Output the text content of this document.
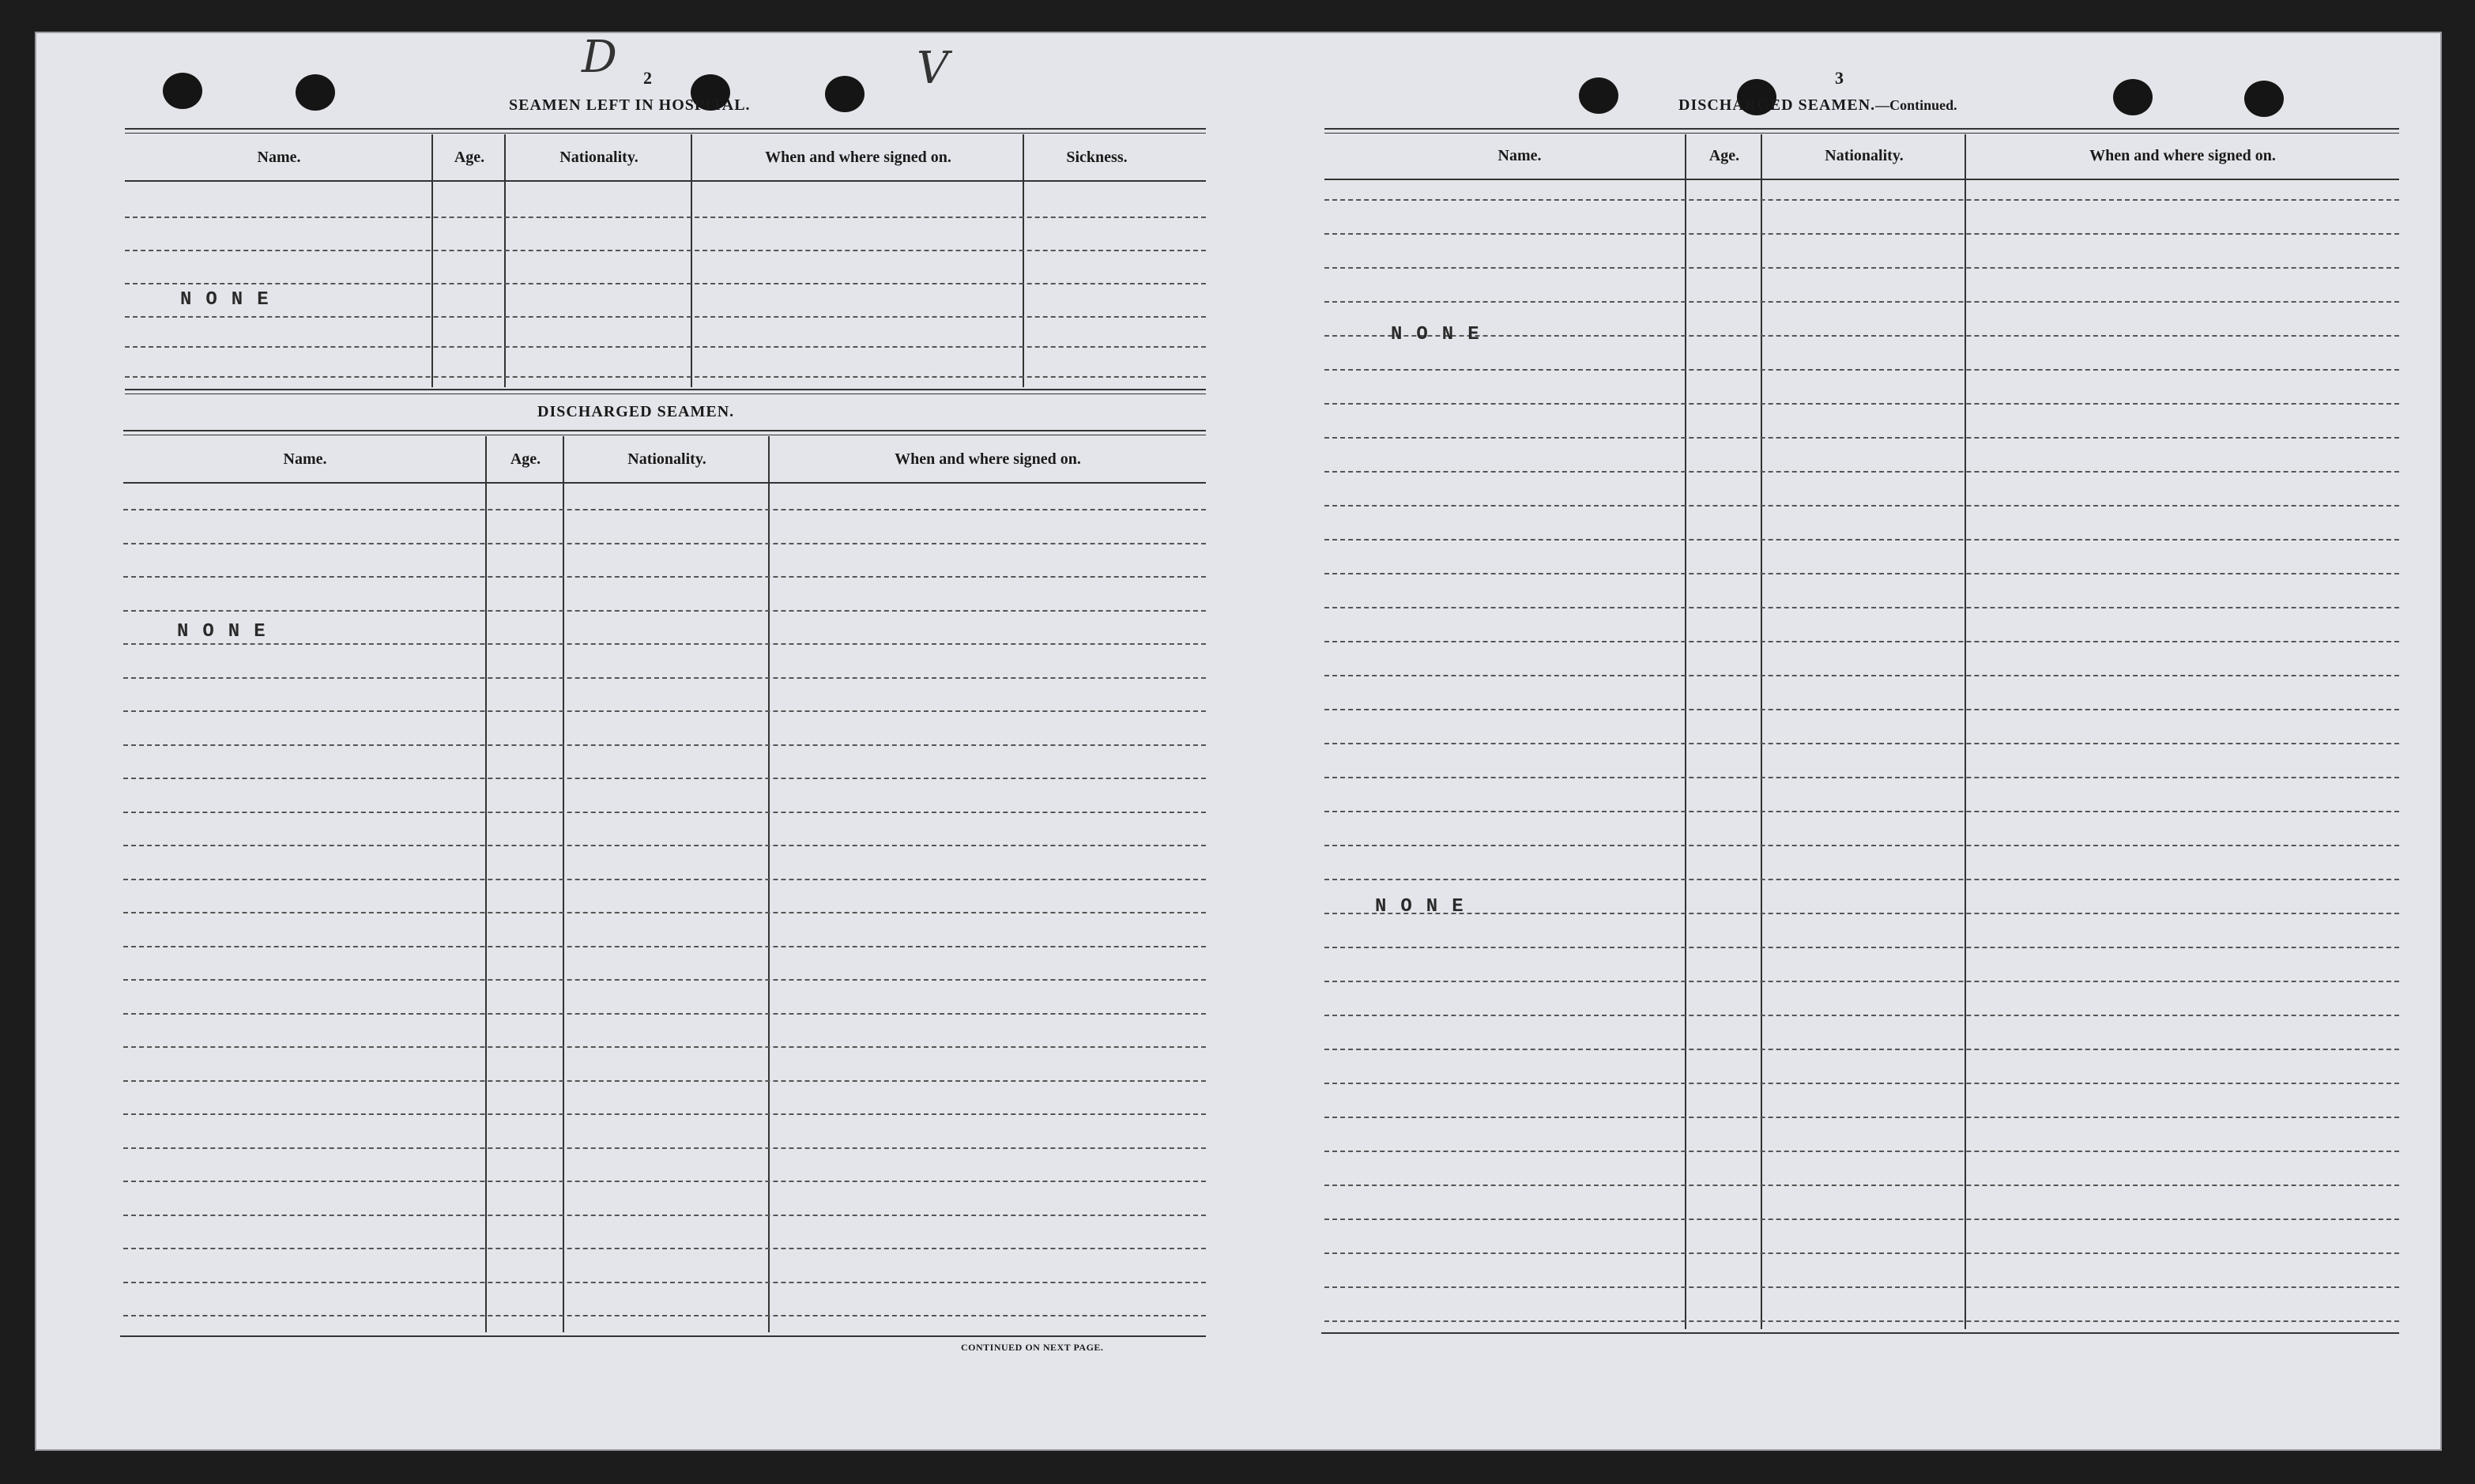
D	V
2
SEAMEN LEFT IN HOSPITAL.
Name.	Age.	Nationality.	When and where signed on.	Sickness.
NONE
DISCHARGED SEAMEN.
Name.	Age.	Nationality.	When and where signed on.
NONE
CONTINUED ON NEXT PAGE.
3
DISCHARGED SEAMEN.—Continued.
Name.	Age.	Nationality.	When and where signed on.
NONE
NONE
